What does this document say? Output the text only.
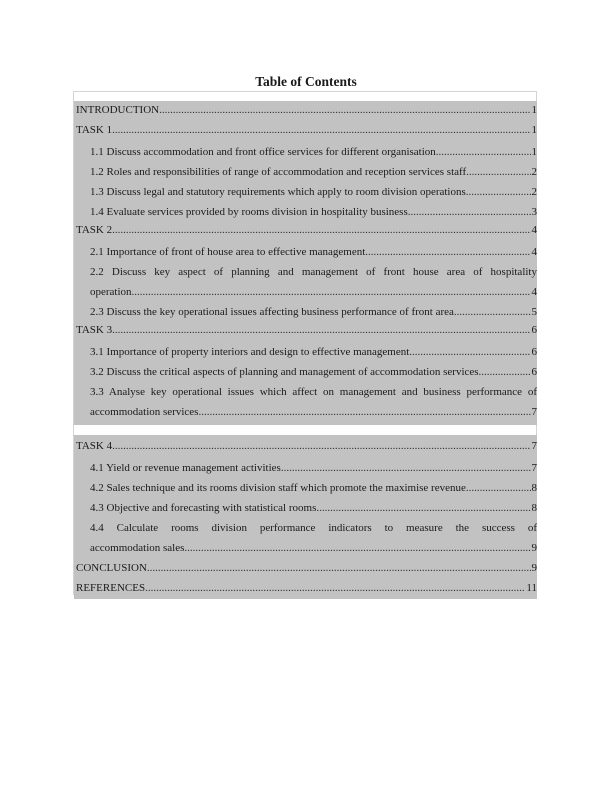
Table of Contents
INTRODUCTION .....	1
TASK 1 .....	1
1.1 Discuss accommodation and front office services for different organisation .....	1
1.2 Roles and responsibilities of range of accommodation and reception services staff .....	2
1.3 Discuss legal and statutory requirements which apply to room division operations .....	2
1.4 Evaluate services provided by rooms division in hospitality business .....	3
TASK 2 .....	4
2.1 Importance of front of house area to effective management .....	4
2.2 Discuss key aspect of planning and management of front house area of hospitality
operation .....	4
2.3 Discuss the key operational issues affecting business performance of front area .....	5
TASK 3 .....	6
3.1 Importance of property interiors and design to effective management .....	6
3.2 Discuss the critical aspects of planning and management of accommodation services .....	6
3.3 Analyse key operational issues which affect on management and business performance of
accommodation services .....	7
TASK 4 .....	7
4.1 Yield or revenue management activities .....	7
4.2 Sales technique and its rooms division staff which promote the maximise revenue .....	8
4.3 Objective and forecasting with statistical rooms .....	8
4.4 Calculate rooms division performance indicators to measure the success of
accommodation sales .....	9
CONCLUSION .....	9
REFERENCES .....	11
